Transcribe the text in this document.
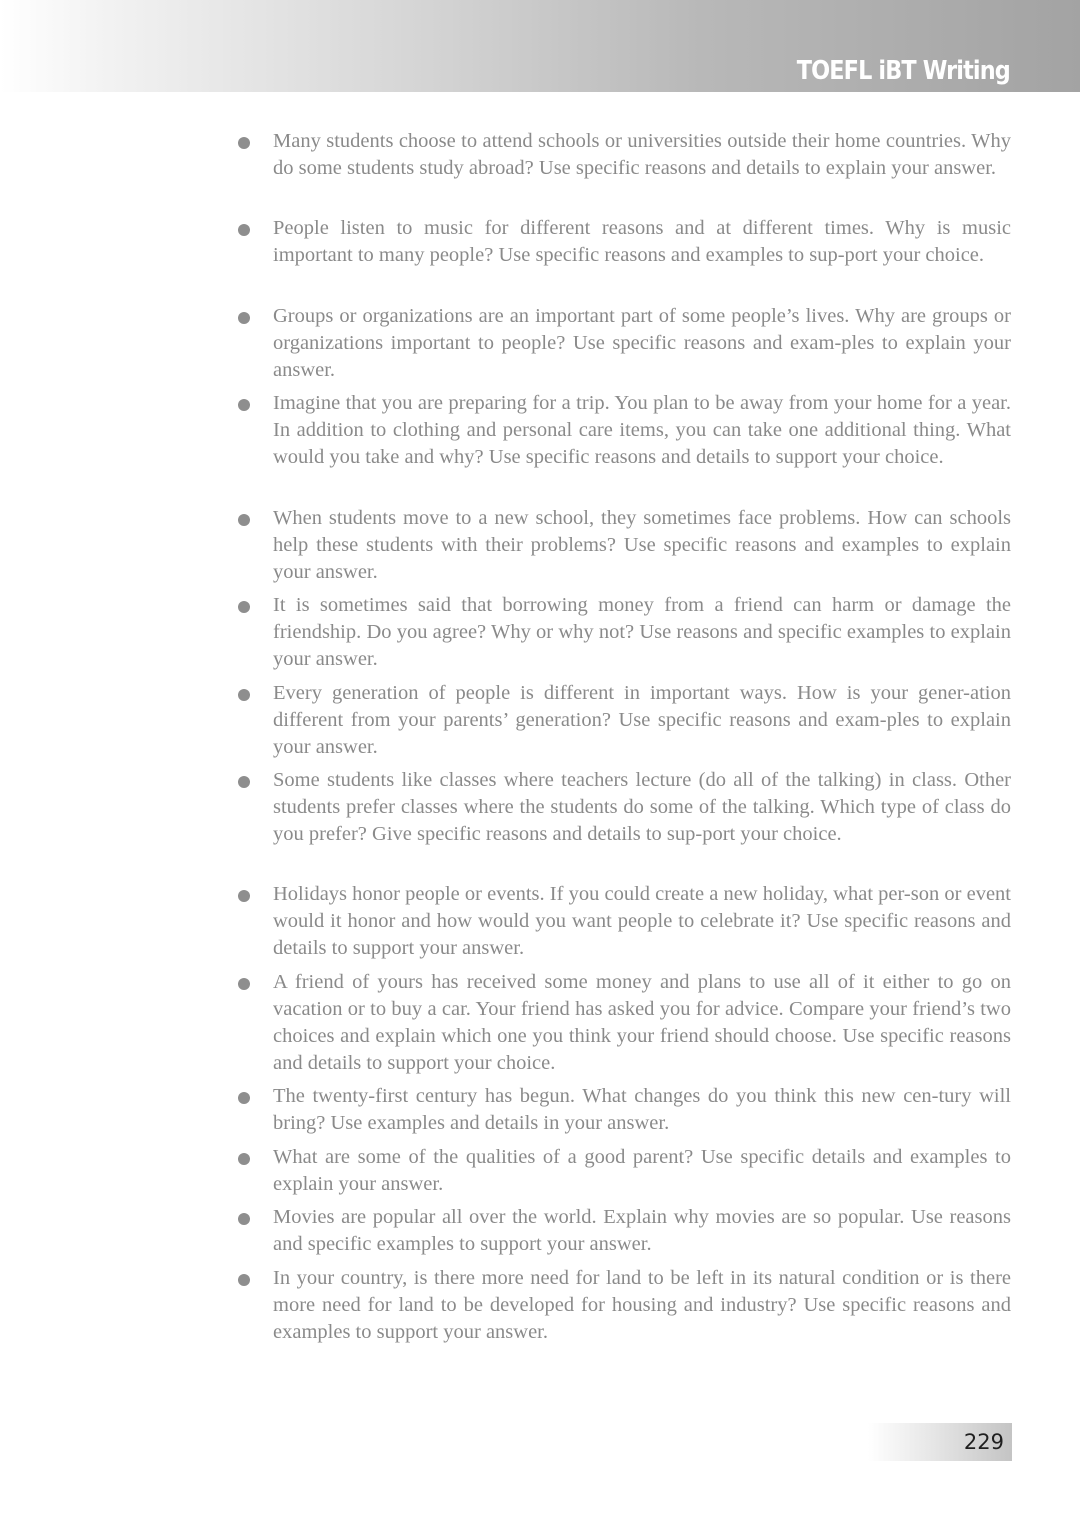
TOEFL iBT Writing

Many students choose to attend schools or universities outside their home countries. Why do some students study abroad? Use specific reasons and details to explain your answer.

People listen to music for different reasons and at different times. Why is music important to many people? Use specific reasons and examples to sup-port your choice.

Groups or organizations are an important part of some people’s lives. Why are groups or organizations important to people? Use specific reasons and exam-ples to explain your answer.

Imagine that you are preparing for a trip. You plan to be away from your home for a year. In addition to clothing and personal care items, you can take one additional thing. What would you take and why? Use specific reasons and details to support your choice.

When students move to a new school, they sometimes face problems. How can schools help these students with their problems? Use specific reasons and examples to explain your answer.

It is sometimes said that borrowing money from a friend can harm or damage the friendship. Do you agree? Why or why not? Use reasons and specific examples to explain your answer.

Every generation of people is different in important ways. How is your gener-ation different from your parents’ generation? Use specific reasons and exam-ples to explain your answer.

Some students like classes where teachers lecture (do all of the talking) in class. Other students prefer classes where the students do some of the talking. Which type of class do you prefer? Give specific reasons and details to sup-port your choice.

Holidays honor people or events. If you could create a new holiday, what per-son or event would it honor and how would you want people to celebrate it? Use specific reasons and details to support your answer.

A friend of yours has received some money and plans to use all of it either to go on vacation or to buy a car. Your friend has asked you for advice. Compare your friend’s two choices and explain which one you think your friend should choose. Use specific reasons and details to support your choice.

The twenty-first century has begun. What changes do you think this new cen-tury will bring? Use examples and details in your answer.

What are some of the qualities of a good parent? Use specific details and examples to explain your answer.

Movies are popular all over the world. Explain why movies are so popular. Use reasons and specific examples to support your answer.

In your country, is there more need for land to be left in its natural condition or is there more need for land to be developed for housing and industry? Use specific reasons and examples to support your answer.

229
